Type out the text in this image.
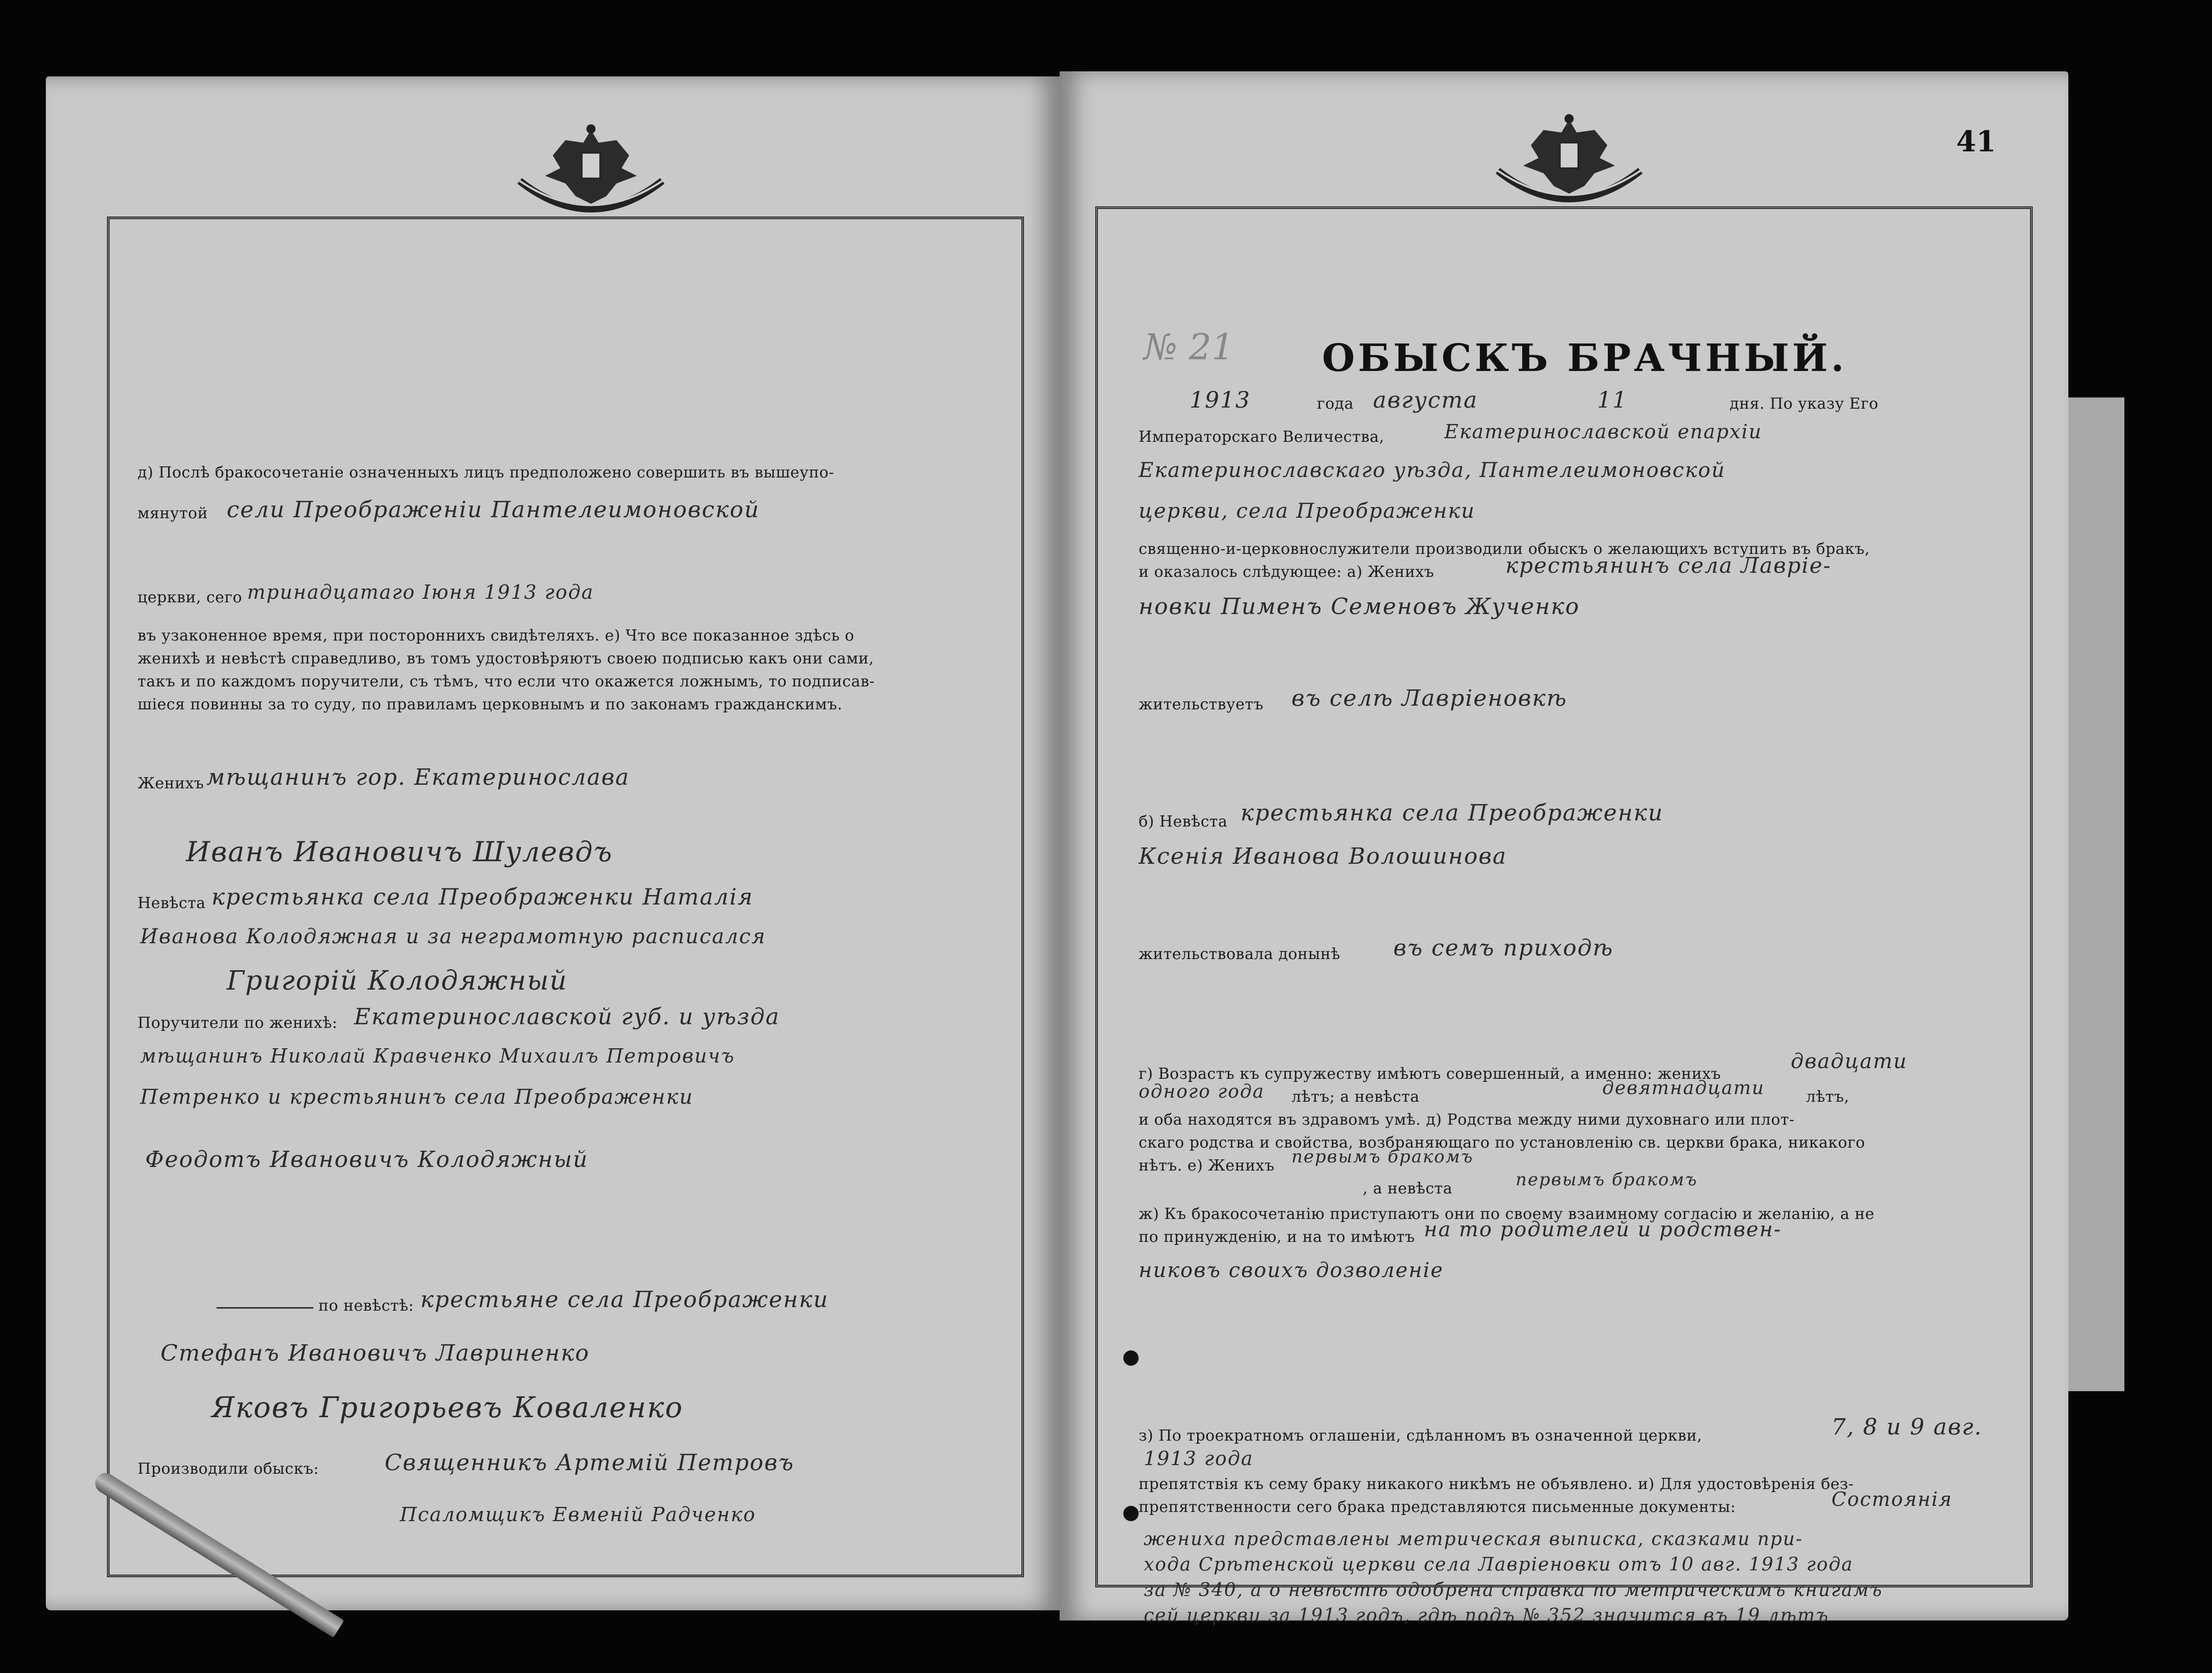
д) Послѣ бракосочетаніе означенныхъ лицъ предположено совершить въ вышеупо-
мянутой сели Преображеніи Пантелеимоновской
церкви, сего тринадцатаго Іюня 1913 года
въ узаконенное время, при постороннихъ свидѣтеляхъ. е) Что все показанное здѣсь о
женихѣ и невѣстѣ справедливо, въ томъ удостовѣряютъ своею подписью какъ они сами,
такъ и по каждомъ поручители, съ тѣмъ, что если что окажется ложнымъ, то подписав-
шіеся повинны за то суду, по правиламъ церковнымъ и по законамъ гражданскимъ.
Женихъ мѣщанинъ гор. Екатеринослава
Иванъ Ивановичъ Шулевдъ
Невѣста крестьянка села Преображенки Наталія
Иванова Колодяжная и за неграмотную расписался
Григорій Колодяжный
Поручители по женихѣ: Екатеринославской губ. и уѣзда
мѣщанинъ Николай Кравченко Михаилъ Петровичъ
Петренко и крестьянинъ села Преображенки
Феодотъ Ивановичъ Колодяжный
по невѣстѣ: крестьяне села Преображенки
Стефанъ Ивановичъ Лавриненко
Яковъ Григорьевъ Коваленко
Производили обыскъ:	Священникъ Артемій Петровъ
Псаломщикъ Евменій Радченко
41
№ 21 ОБЫСКЪ БРАЧНЫЙ.
1913	года августа	11	дня. По указу Его
Императорскаго Величества,	Екатеринославской епархіи
Екатеринославскаго уѣзда, Пантелеимоновской
церкви, села Преображенки
священно-и-церковнослужители производили обыскъ о желающихъ вступить въ бракъ,
и оказалось слѣдующее: а) Женихъ	крестьянинъ села Лавріе-
новки Пименъ Семеновъ Жученко
жительствуетъ въ селѣ Лавріеновкѣ
б) Невѣста крестьянка села Преображенки
Ксенія Иванова Волошинова
жительствовала донынѣ въ семъ приходѣ
г) Возрастъ къ супружеству имѣютъ совершенный, а именно: женихъ
двадцати
одного года лѣтъ; а невѣста	девятнадцати	лѣтъ,
и оба находятся въ здравомъ умѣ. д) Родства между ними духовнаго или плот-
скаго родства и свойства, возбраняющаго по установленію св. церкви брака, никакого
нѣтъ. е) Женихъ первымъ бракомъ
, а невѣста	первымъ бракомъ
ж) Къ бракосочетанію приступаютъ они по своему взаимному согласію и желанію, а не
по принужденію, и на то имѣютъ на то родителей и родствен-
никовъ своихъ дозволеніе
з) По троекратномъ оглашеніи, сдѣланномъ въ означенной церкви,	7, 8 и 9 авг.
1913 года
препятствія къ сему браку никакого никѣмъ не объявлено. и) Для удостовѣренія без-
препятственности сего брака представляются письменные документы:	Состоянія
жениха представлены метрическая выписка, сказками при-
хода Срѣтенской церкви села Лавріеновки отъ 10 авг. 1913 года
за № 340, а о невѣстѣ одобрена справка по метрическимъ книгамъ
сей церкви за 1913 годъ, гдѣ подъ № 352 значится въ 19 лѣтъ
